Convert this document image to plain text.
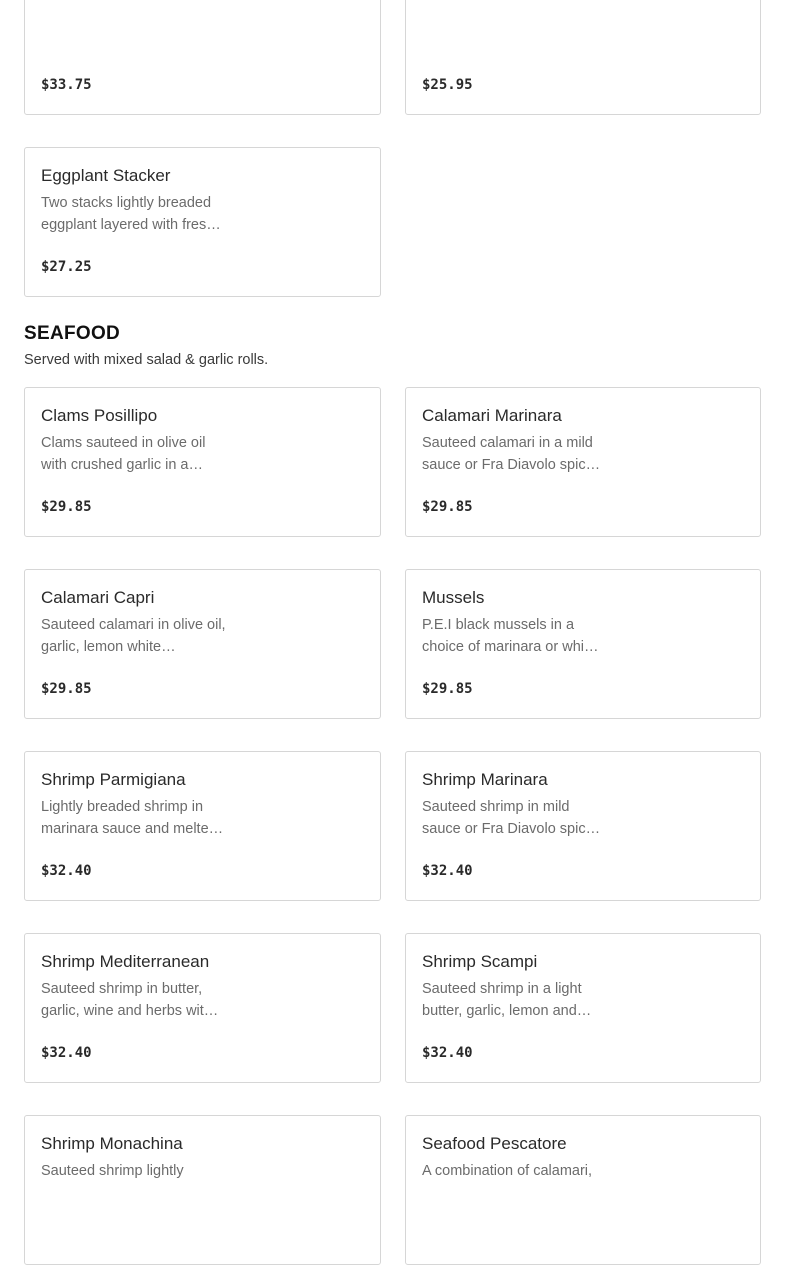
$33.75	$25.95
Eggplant Stacker
Two stacks lightly breaded eggplant layered with fres…
$27.25
SEAFOOD
Served with mixed salad & garlic rolls.
Clams Posillipo
Clams sauteed in olive oil with crushed garlic in a…
$29.85
Calamari Marinara
Sauteed calamari in a mild sauce or Fra Diavolo spic…
$29.85
Calamari Capri
Sauteed calamari in olive oil, garlic, lemon white…
$29.85
Mussels
P.E.I black mussels in a choice of marinara or whi…
$29.85
Shrimp Parmigiana
Lightly breaded shrimp in marinara sauce and melte…
$32.40
Shrimp Marinara
Sauteed shrimp in mild sauce or Fra Diavolo spic…
$32.40
Shrimp Mediterranean
Sauteed shrimp in butter, garlic, wine and herbs wit…
$32.40
Shrimp Scampi
Sauteed shrimp in a light butter, garlic, lemon and…
$32.40
Shrimp Monachina
Sauteed shrimp lightly
Seafood Pescatore
A combination of calamari,
